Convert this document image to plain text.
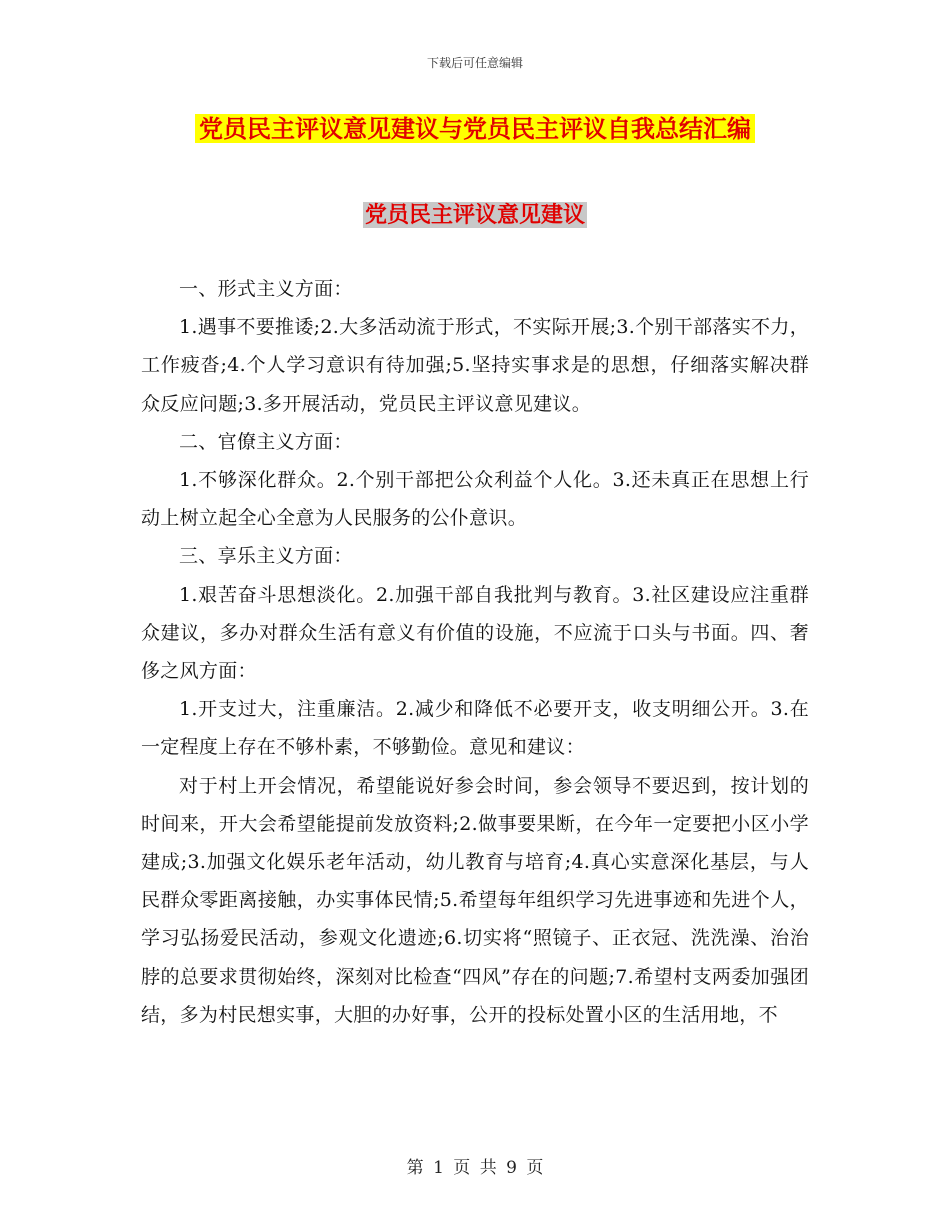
下载后可任意编辑
党员民主评议意见建议与党员民主评议自我总结汇编
党员民主评议意见建议

一、形式主义方面：

1.遇事不要推诿;2.大多活动流于形式，不实际开展;3.个别干部落实不力，工作疲沓;4.个人学习意识有待加强;5.坚持实事求是的思想，仔细落实解决群众反应问题;3.多开展活动，党员民主评议意见建议。

二、官僚主义方面：

1.不够深化群众。2.个别干部把公众利益个人化。3.还未真正在思想上行动上树立起全心全意为人民服务的公仆意识。

三、享乐主义方面：

1.艰苦奋斗思想淡化。2.加强干部自我批判与教育。3.社区建设应注重群众建议，多办对群众生活有意义有价值的设施，不应流于口头与书面。四、奢侈之风方面：

1.开支过大，注重廉洁。2.减少和降低不必要开支，收支明细公开。3.在一定程度上存在不够朴素，不够勤俭。意见和建议：

对于村上开会情况，希望能说好参会时间，参会领导不要迟到，按计划的时间来，开大会希望能提前发放资料;2.做事要果断，在今年一定要把小区小学建成;3.加强文化娱乐老年活动，幼儿教育与培育;4.真心实意深化基层，与人民群众零距离接触，办实事体民情;5.希望每年组织学习先进事迹和先进个人，学习弘扬爱民活动，参观文化遗迹;6.切实将“照镜子、正衣冠、洗洗澡、治治脖的总要求贯彻始终，深刻对比检查“四风”存在的问题;7.希望村支两委加强团结，多为村民想实事，大胆的办好事，公开的投标处置小区的生活用地，不

第 1 页 共 9 页
